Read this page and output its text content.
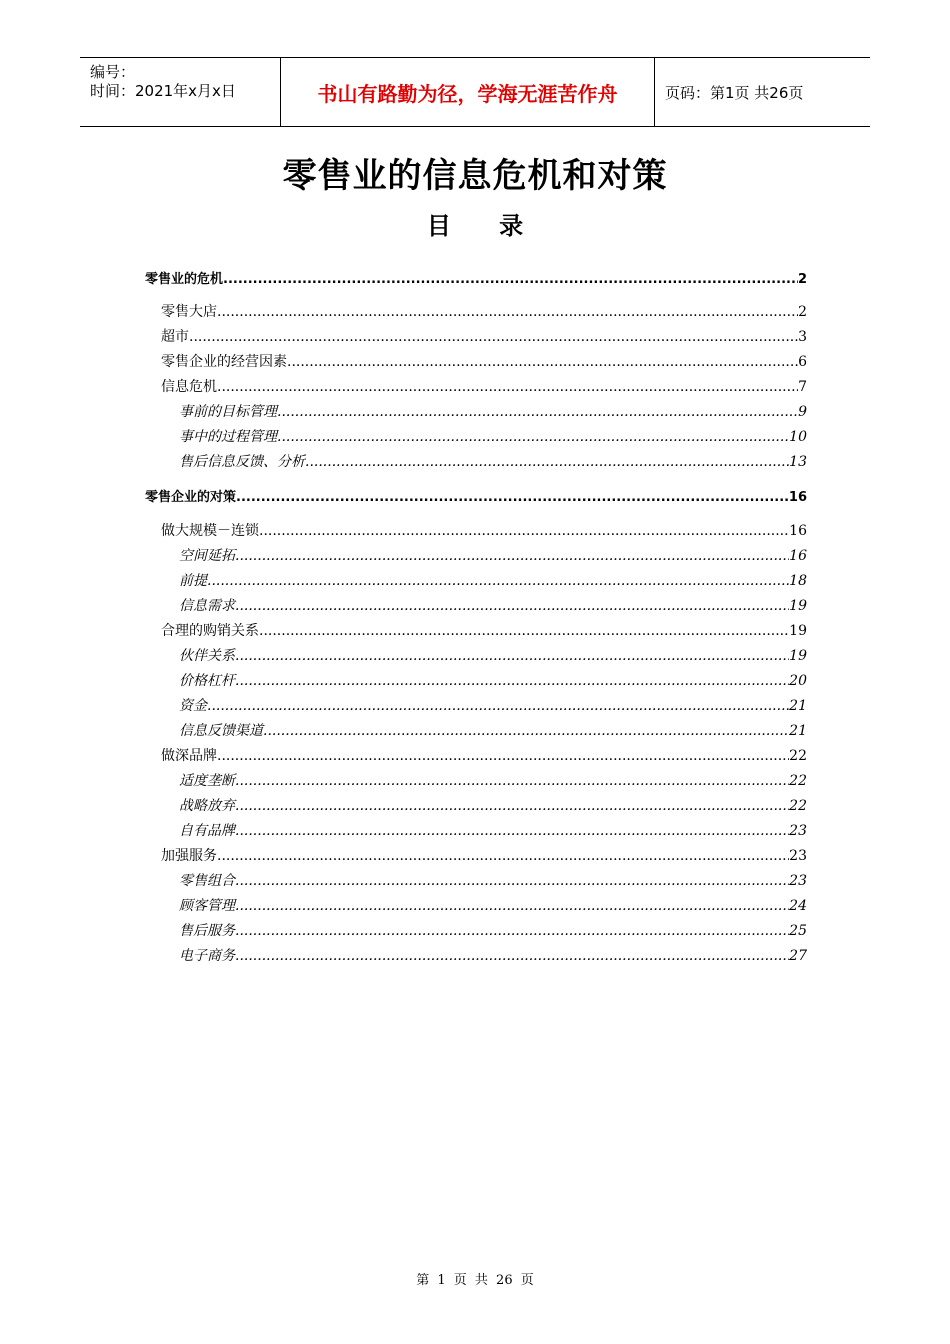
编号：
时间：2021年x月x日	书山有路勤为径，学海无涯苦作舟	页码：第1页 共26页
零售业的信息危机和对策
目 录
零售业的危机 .....	2
零售大店 .....	2
超市 .....	3
零售企业的经营因素 .....	6
信息危机 .....	7
事前的目标管理 .....	9
事中的过程管理 .....	10
售后信息反馈、分析 .....	13
零售企业的对策 .....	16
做大规模－连锁 .....	16
空间延拓 .....	16
前提 .....	18
信息需求 .....	19
合理的购销关系 .....	19
伙伴关系 .....	19
价格杠杆 .....	20
资金 .....	21
信息反馈渠道 .....	21
做深品牌 .....	22
适度垄断 .....	22
战略放弃 .....	22
自有品牌 .....	23
加强服务 .....	23
零售组合 .....	23
顾客管理 .....	24
售后服务 .....	25
电子商务 .....	27
第 1 页 共 26 页
